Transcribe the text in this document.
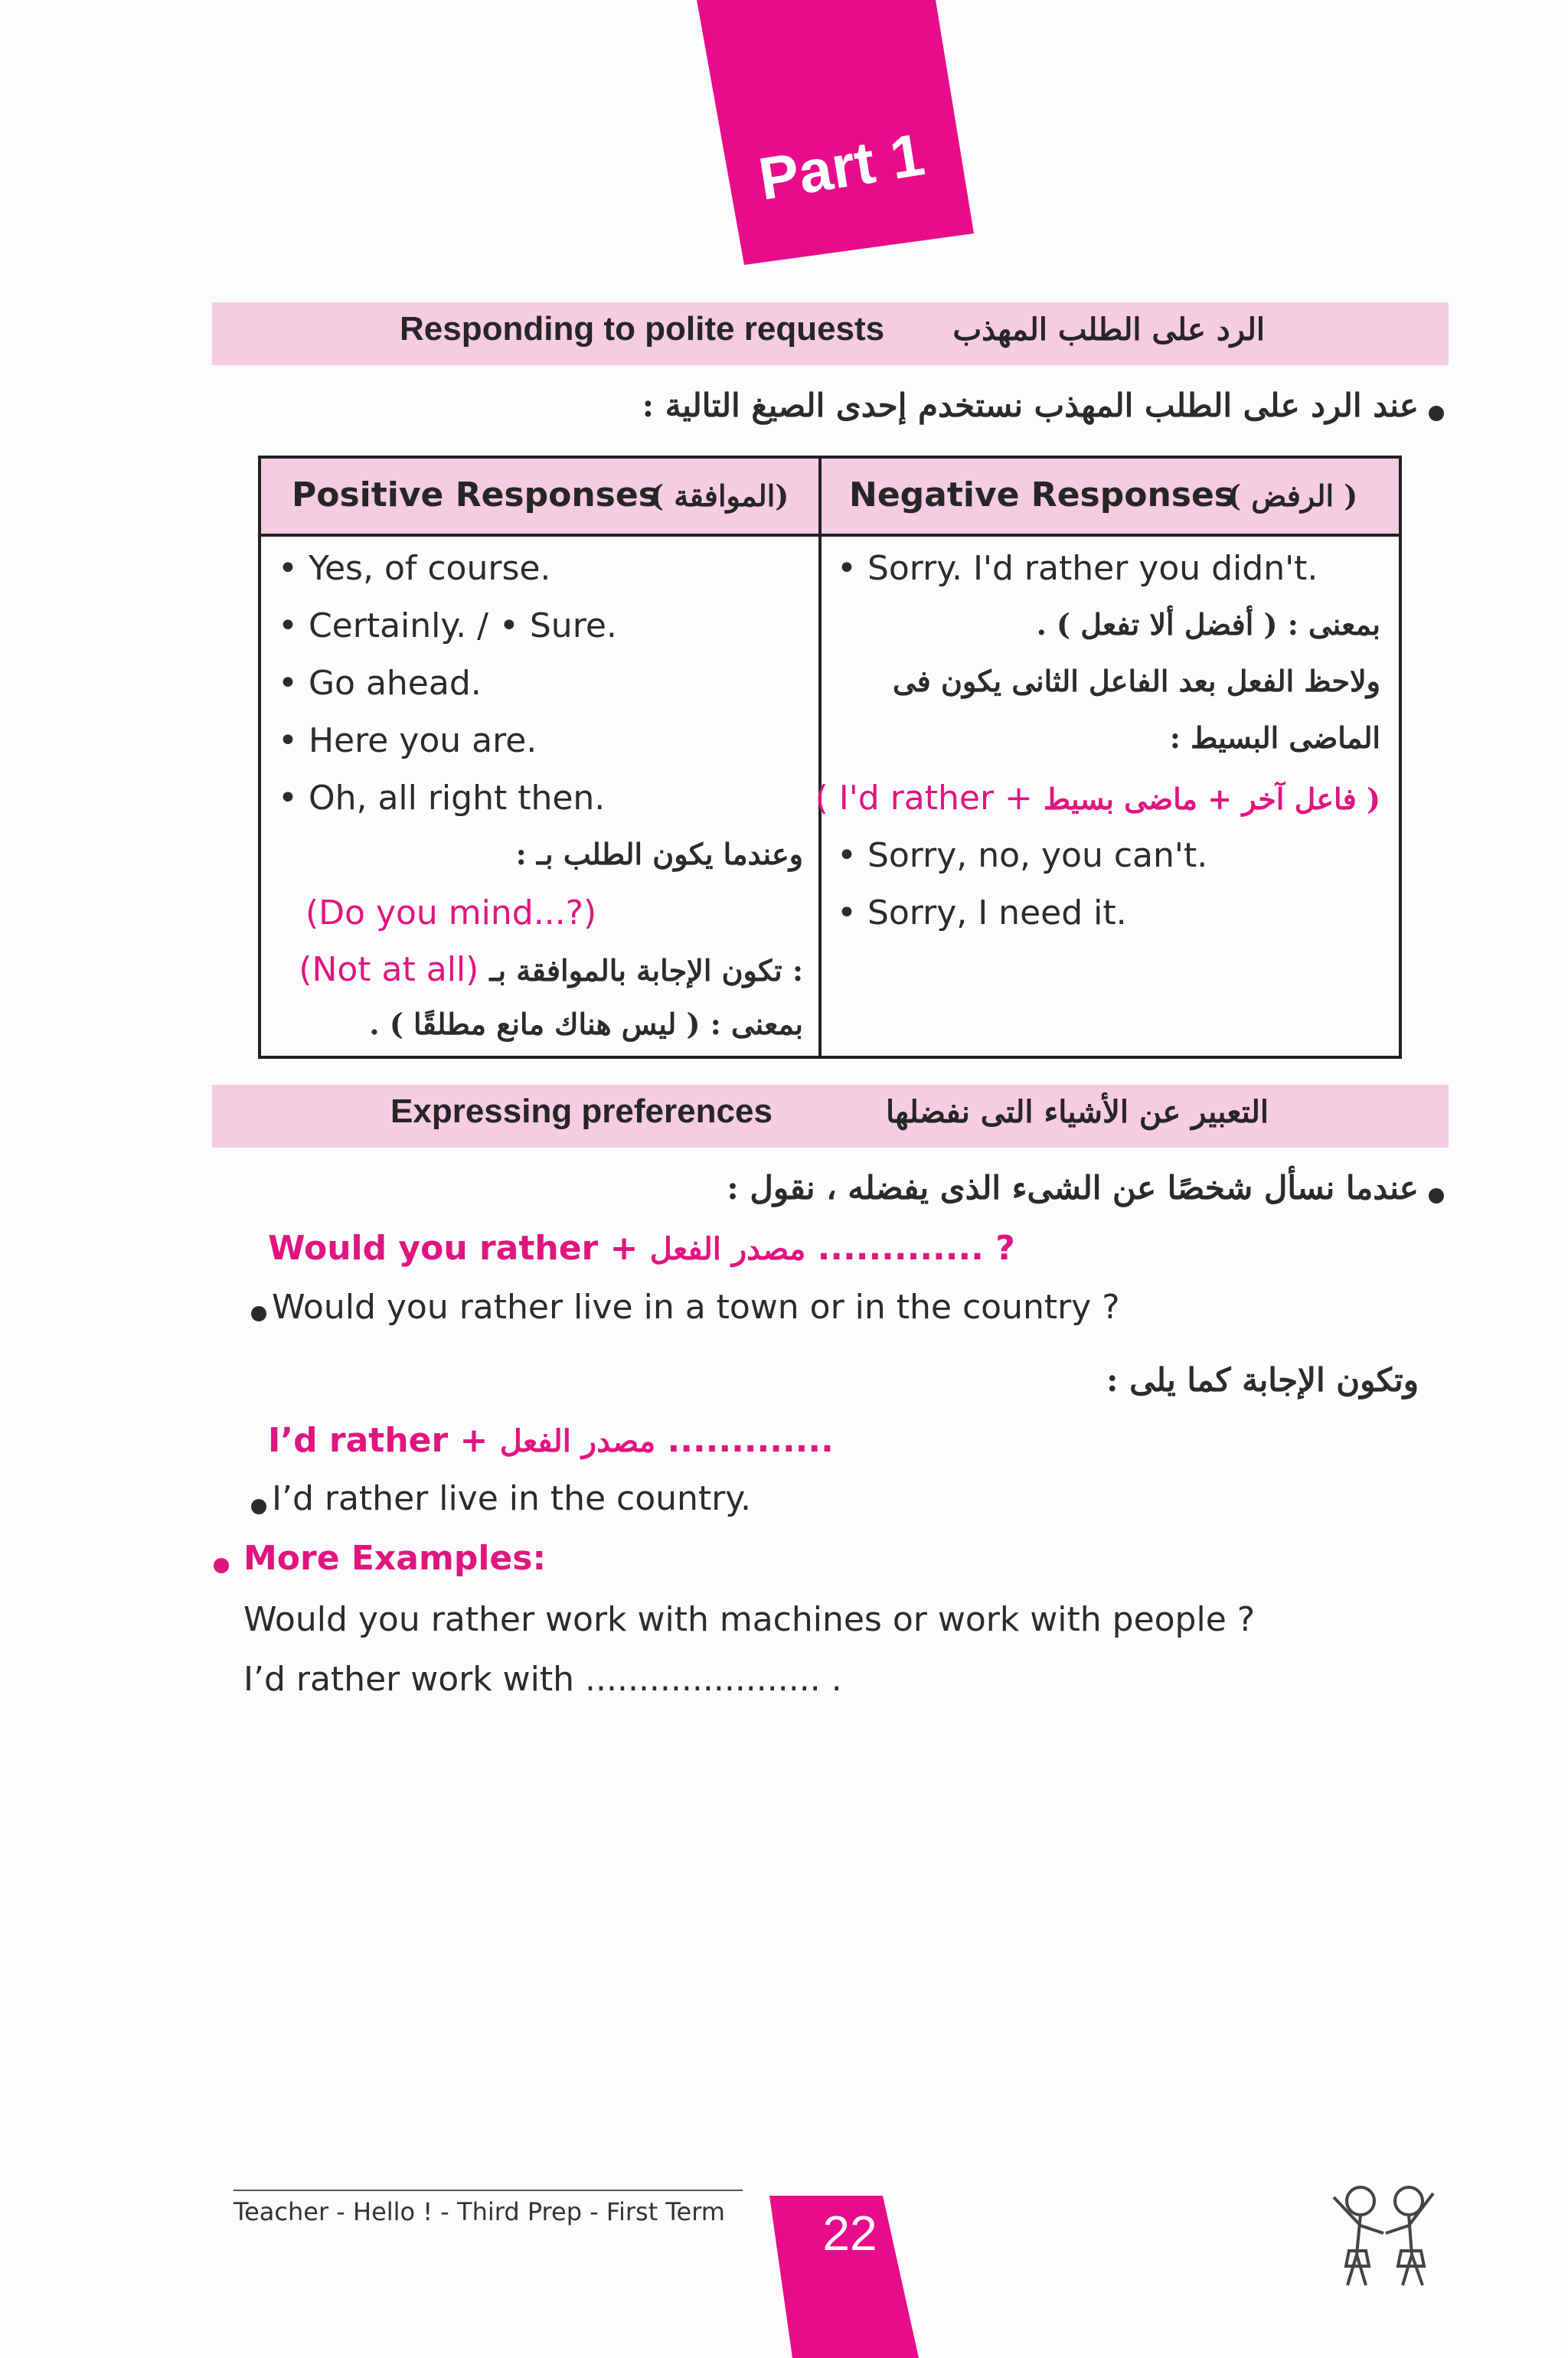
Part 1
Responding to polite requests الرد على الطلب المهذب
عند الرد على الطلب المهذب نستخدم إحدى الصيغ التالية :
Positive Responses
(الموافقة ) Negative Responses
( الرفض )
• Yes, of course.
• Certainly. / • Sure.
• Go ahead.
• Here you are.
• Oh, all right then.
وعندما يكون الطلب بـ :
(Do you mind...?)
(Not at all) تكون الإجابة بالموافقة بـ :
بمعنى : ( ليس هناك مانع مطلقًا ) .
• Sorry. I'd rather you didn't.
بمعنى : ( أفضل ألا تفعل ) .
ولاحظ الفعل بعد الفاعل الثانى يكون فى
الماضى البسيط :
( I'd rather + فاعل آخر + ماضى بسيط )
• Sorry, no, you can't.
• Sorry, I need it.
Expressing preferences	التعبير عن الأشياء التى نفضلها
عندما نسأل شخصًا عن الشىء الذى يفضله ، نقول :
Would you rather + مصدر الفعل ............. ?
Would you rather live in a town or in the country ?
وتكون الإجابة كما يلى :
I’d rather + مصدر الفعل .............
I’d rather live in the country.
More Examples:
Would you rather work with machines or work with people ?
I’d rather work with ...................... .
Teacher - Hello ! - Third Prep - First Term	22
